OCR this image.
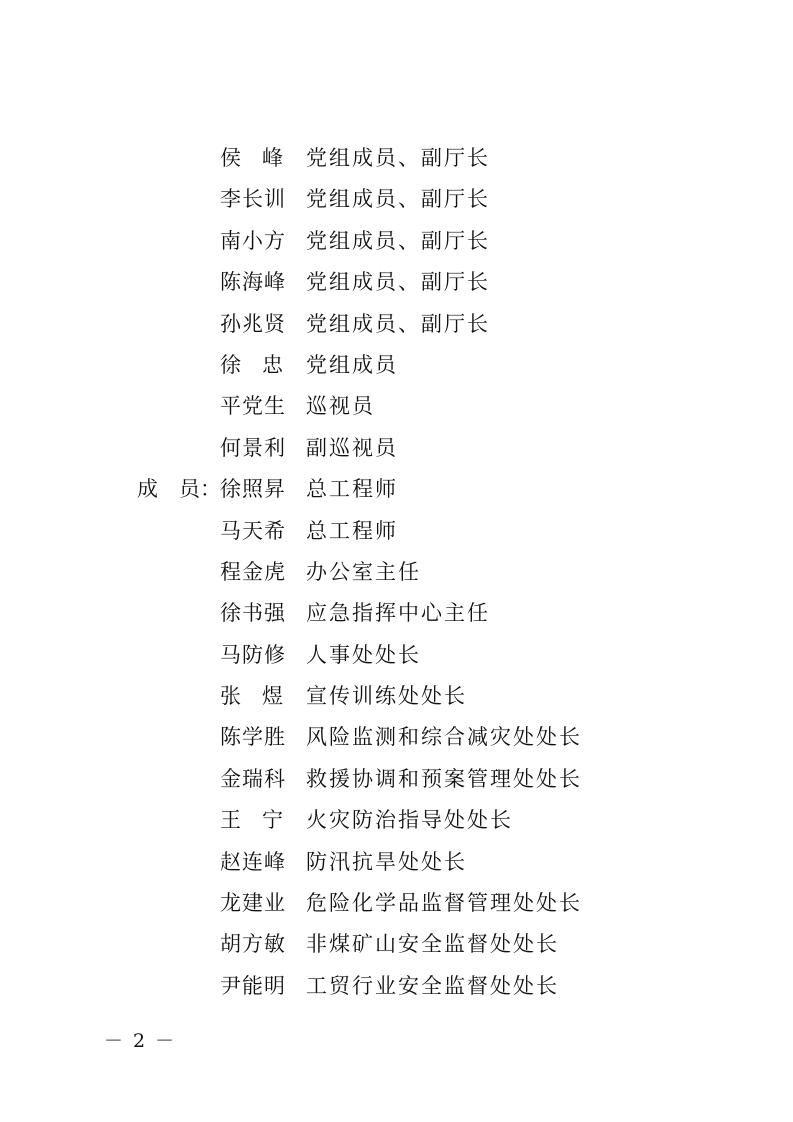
侯　峰	党组成员、副厅长
李长训 党组成员、副厅长
南小方 党组成员、副厅长
陈海峰 党组成员、副厅长
孙兆贤 党组成员、副厅长
徐　忠	党组成员
平党生 巡视员
何景利 副巡视员
成　员： 徐照昇 总工程师
马天希 总工程师
程金虎 办公室主任
徐书强 应急指挥中心主任
马防修 人事处处长
张　煜	宣传训练处处长
陈学胜 风险监测和综合减灾处处长
金瑞科 救援协调和预案管理处处长
王　宁	火灾防治指导处处长
赵连峰 防汛抗旱处处长
龙建业 危险化学品监督管理处处长
胡方敏 非煤矿山安全监督处处长
尹能明 工贸行业安全监督处处长
－ 2 －
